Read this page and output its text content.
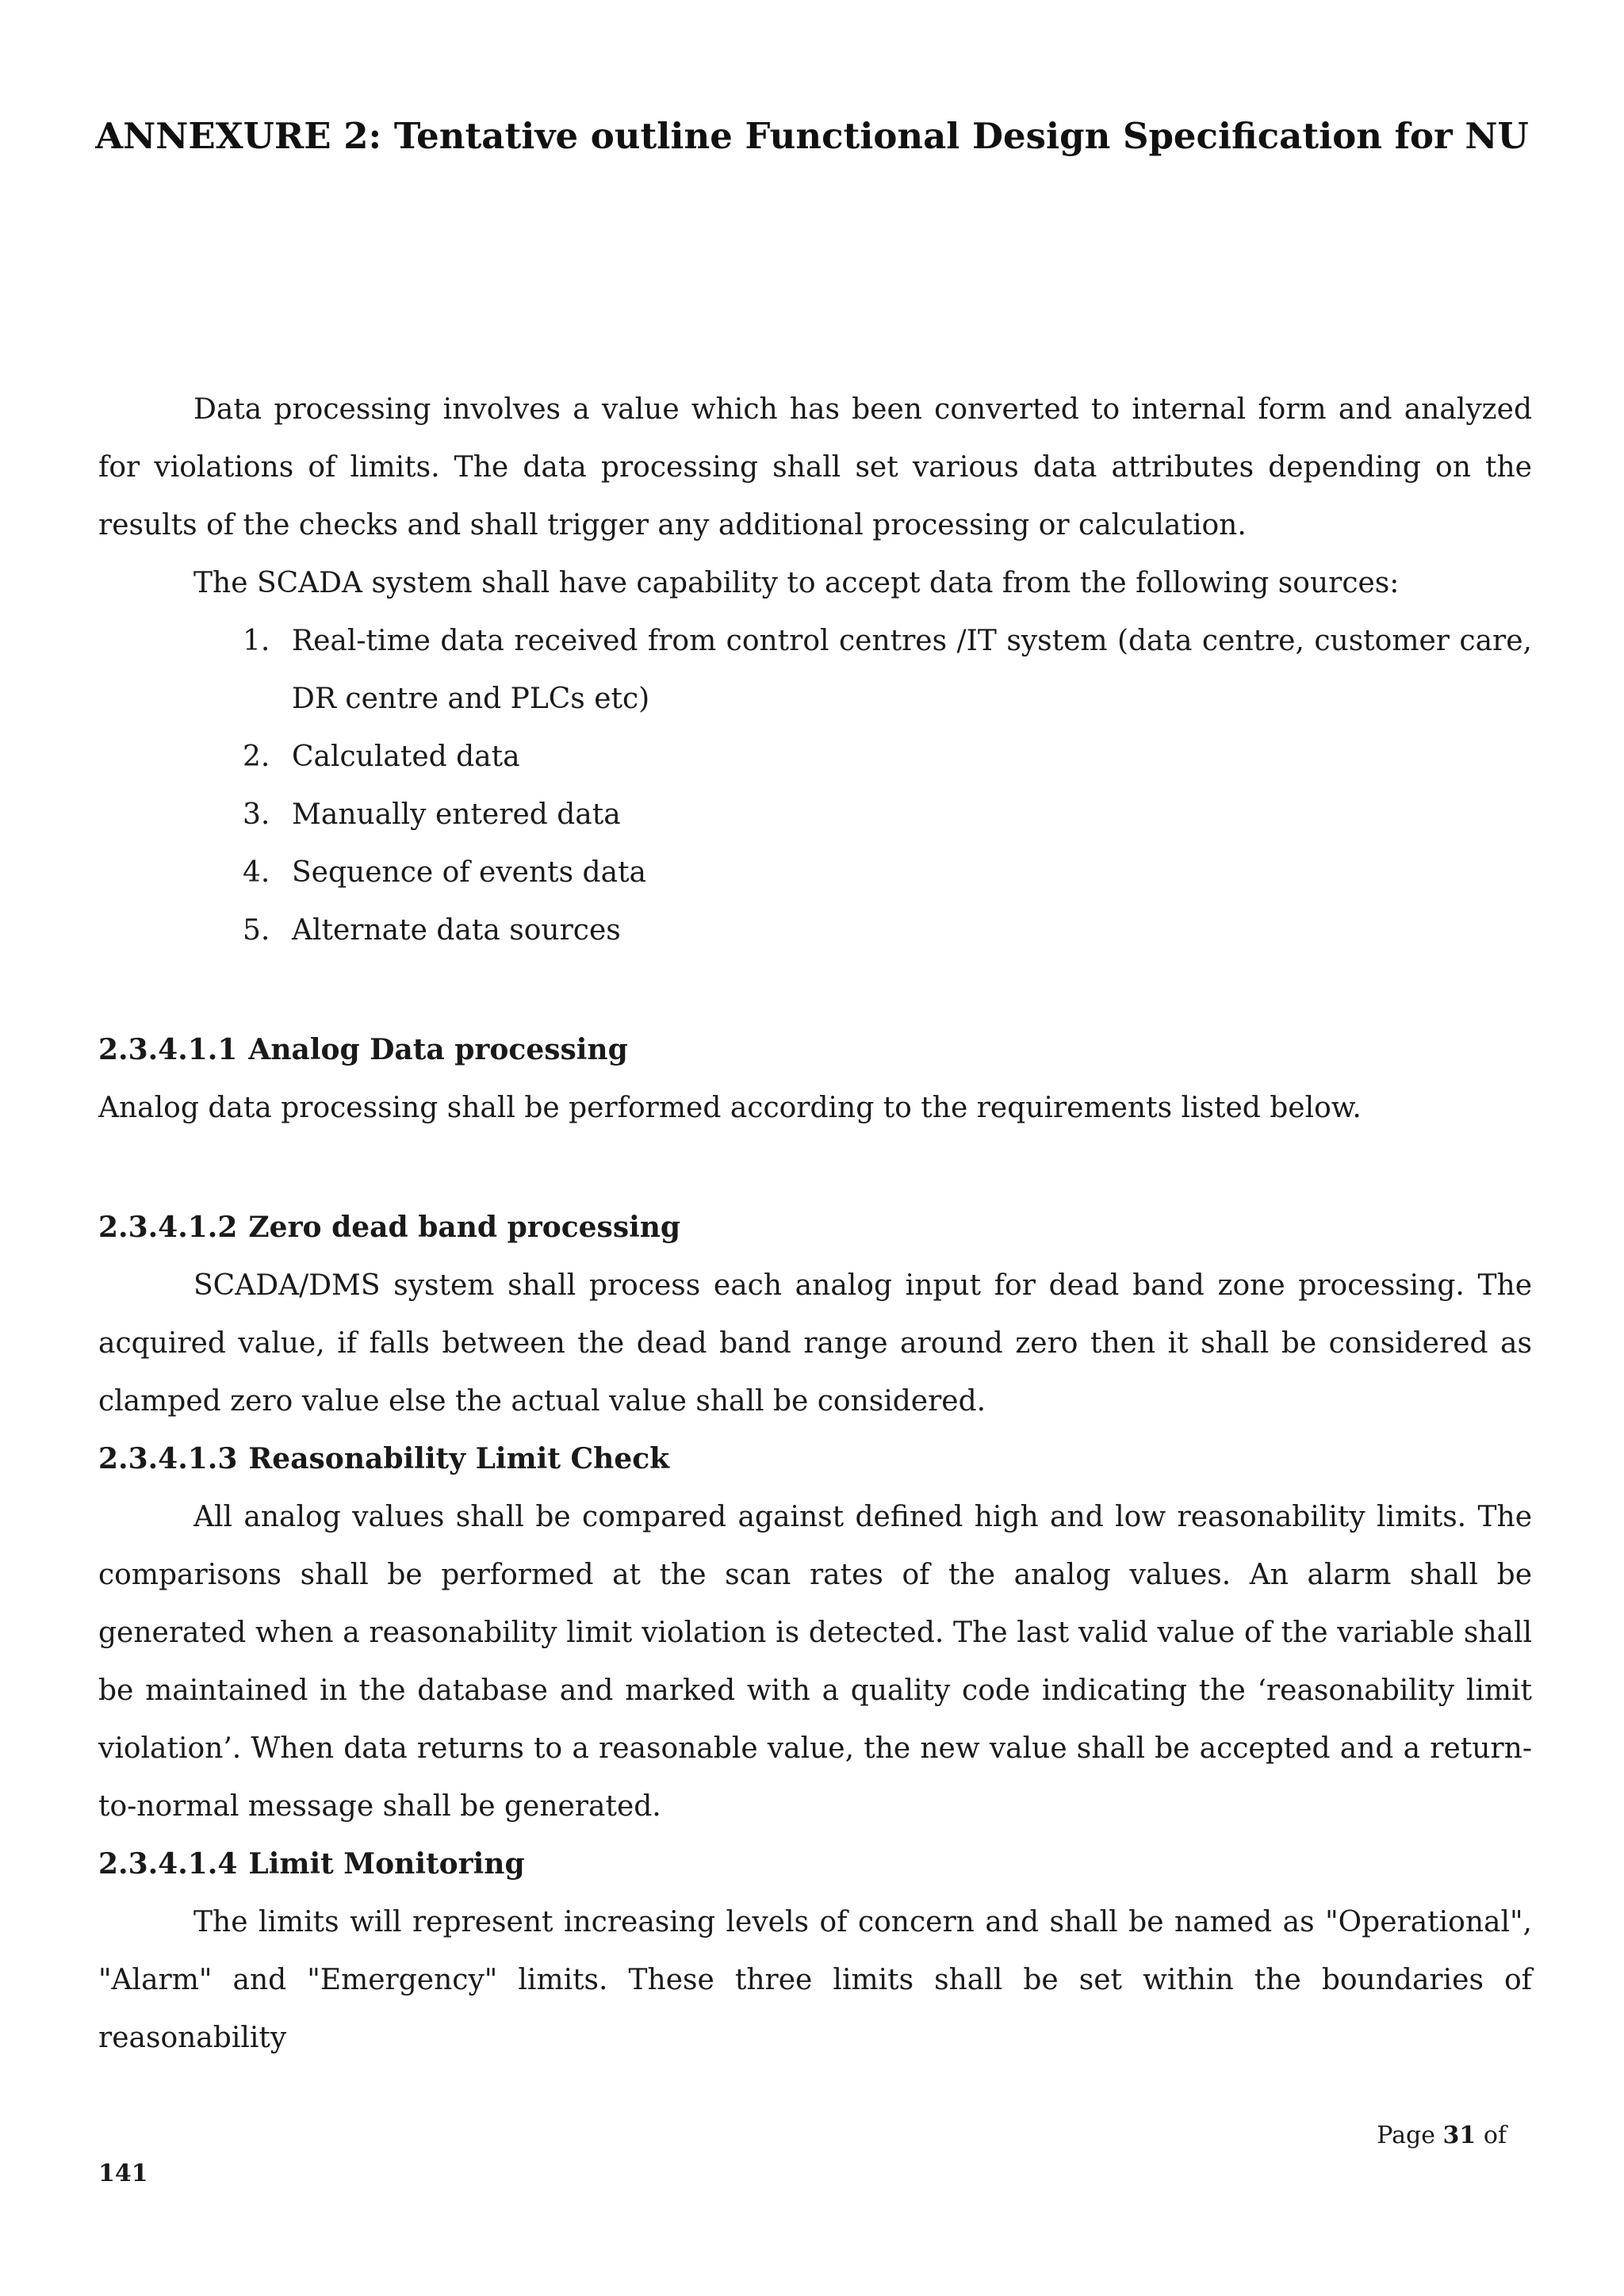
ANNEXURE 2: Tentative outline Functional Design Specification for NU

Data processing involves a value which has been converted to internal form and analyzed for violations of limits. The data processing shall set various data attributes depending on the results of the checks and shall trigger any additional processing or calculation.

The SCADA system shall have capability to accept data from the following sources:

1. Real-time data received from control centres /IT system (data centre, customer care, DR centre and PLCs etc)
2. Calculated data
3. Manually entered data
4. Sequence of events data
5. Alternate data sources
2.3.4.1.1 Analog Data processing

Analog data processing shall be performed according to the requirements listed below.

2.3.4.1.2 Zero dead band processing

SCADA/DMS system shall process each analog input for dead band zone processing. The acquired value, if falls between the dead band range around zero then it shall be considered as clamped zero value else the actual value shall be considered.

2.3.4.1.3 Reasonability Limit Check

All analog values shall be compared against defined high and low reasonability limits. The comparisons shall be performed at the scan rates of the analog values. An alarm shall be generated when a reasonability limit violation is detected. The last valid value of the variable shall be maintained in the database and marked with a quality code indicating the ‘reasonability limit violation’. When data returns to a reasonable value, the new value shall be accepted and a return-to-normal message shall be generated.

2.3.4.1.4 Limit Monitoring

The limits will represent increasing levels of concern and shall be named as "Operational", "Alarm" and "Emergency" limits. These three limits shall be set within the boundaries of reasonability

Page 31 of
141
